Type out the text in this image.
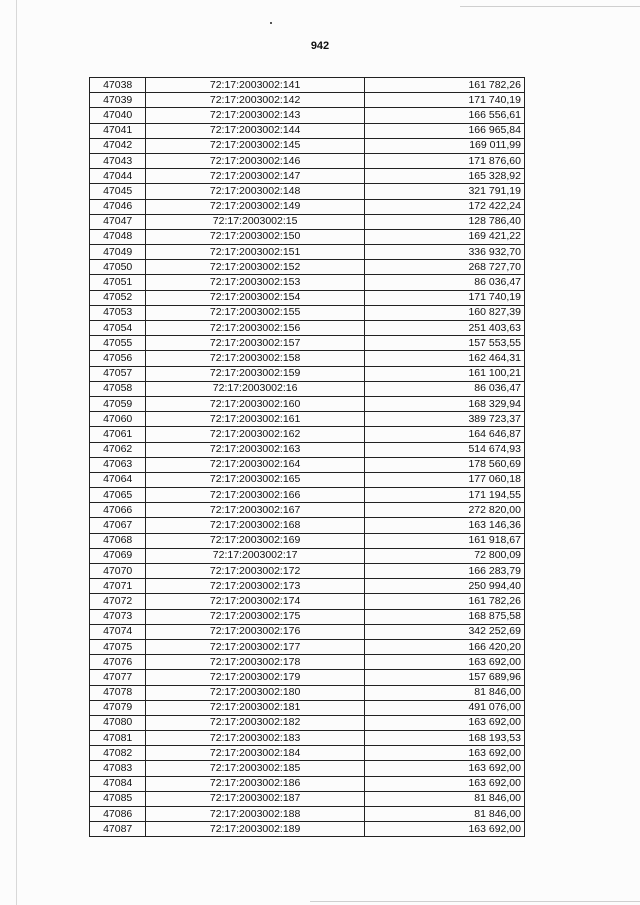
942
47038	72:17:2003002:141	161 782,26
47039	72:17:2003002:142	171 740,19
47040	72:17:2003002:143	166 556,61
47041	72:17:2003002:144	166 965,84
47042	72:17:2003002:145	169 011,99
47043	72:17:2003002:146	171 876,60
47044	72:17:2003002:147	165 328,92
47045	72:17:2003002:148	321 791,19
47046	72:17:2003002:149	172 422,24
47047	72:17:2003002:15	128 786,40
47048	72:17:2003002:150	169 421,22
47049	72:17:2003002:151	336 932,70
47050	72:17:2003002:152	268 727,70
47051	72:17:2003002:153	86 036,47
47052	72:17:2003002:154	171 740,19
47053	72:17:2003002:155	160 827,39
47054	72:17:2003002:156	251 403,63
47055	72:17:2003002:157	157 553,55
47056	72:17:2003002:158	162 464,31
47057	72:17:2003002:159	161 100,21
47058	72:17:2003002:16	86 036,47
47059	72:17:2003002:160	168 329,94
47060	72:17:2003002:161	389 723,37
47061	72:17:2003002:162	164 646,87
47062	72:17:2003002:163	514 674,93
47063	72:17:2003002:164	178 560,69
47064	72:17:2003002:165	177 060,18
47065	72:17:2003002:166	171 194,55
47066	72:17:2003002:167	272 820,00
47067	72:17:2003002:168	163 146,36
47068	72:17:2003002:169	161 918,67
47069	72:17:2003002:17	72 800,09
47070	72:17:2003002:172	166 283,79
47071	72:17:2003002:173	250 994,40
47072	72:17:2003002:174	161 782,26
47073	72:17:2003002:175	168 875,58
47074	72:17:2003002:176	342 252,69
47075	72:17:2003002:177	166 420,20
47076	72:17:2003002:178	163 692,00
47077	72:17:2003002:179	157 689,96
47078	72:17:2003002:180	81 846,00
47079	72:17:2003002:181	491 076,00
47080	72:17:2003002:182	163 692,00
47081	72:17:2003002:183	168 193,53
47082	72:17:2003002:184	163 692,00
47083	72:17:2003002:185	163 692,00
47084	72:17:2003002:186	163 692,00
47085	72:17:2003002:187	81 846,00
47086	72:17:2003002:188	81 846,00
47087	72:17:2003002:189	163 692,00
